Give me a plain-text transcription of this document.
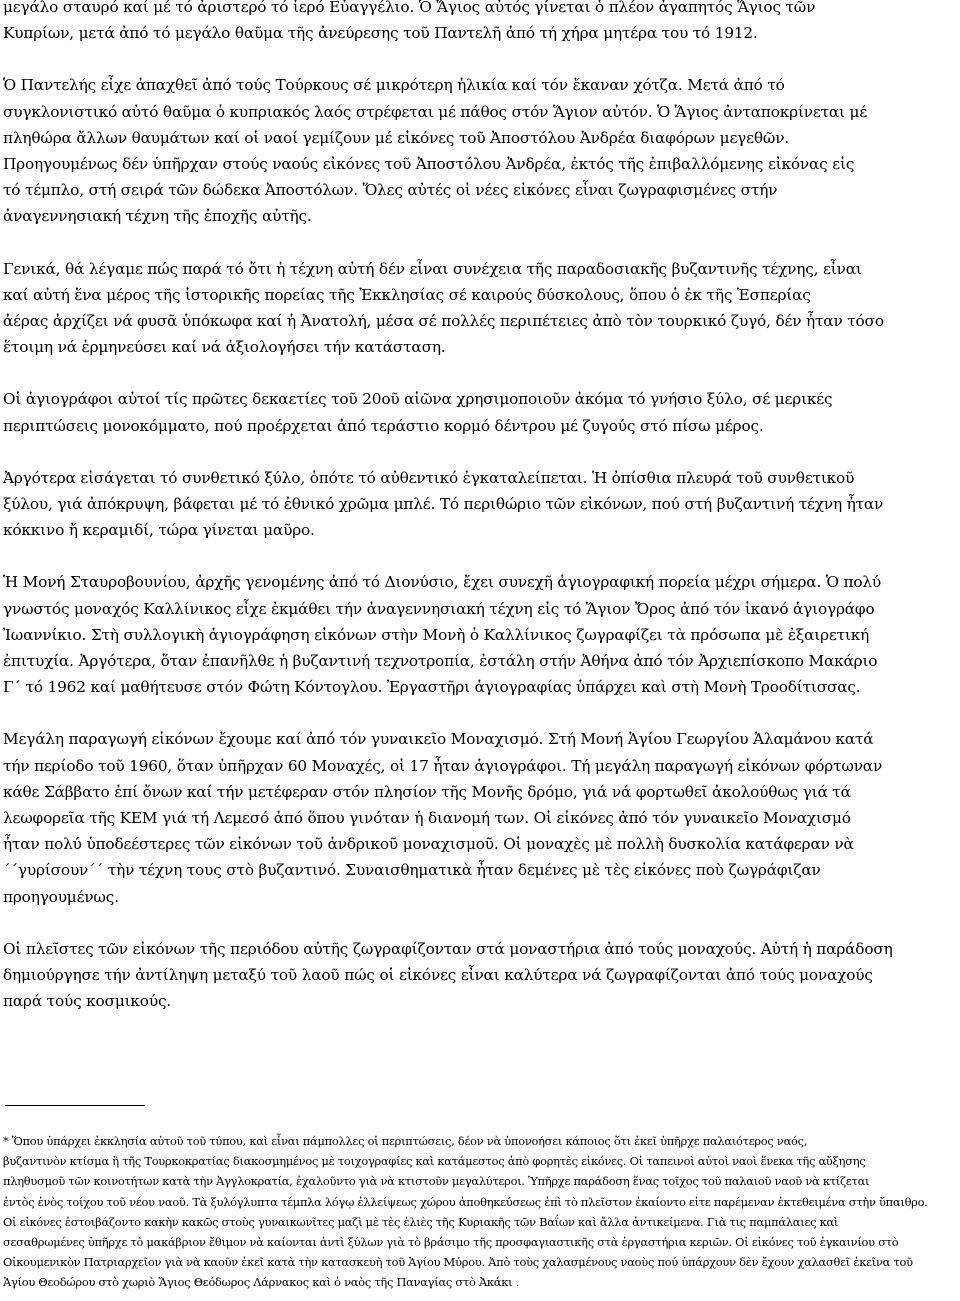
μεγάλο σταυρό καί μέ τό ἀριστερό τό ἱερό Εὐαγγέλιο. Ὁ Ἅγιος αὐτός γίνεται ὁ πλέον ἀγαπητός Ἅγιος τῶν
Κυπρίων, μετά ἀπό τό μεγάλο θαῦμα τῆς ἀνεύρεσης τοῦ Παντελῆ ἀπό τή χήρα μητέρα του τό 1912.

Ὁ Παντελής εἶχε ἀπαχθεῖ ἀπό τούς Τούρκους σέ μικρότερη ἡλικία καί τόν ἔκαναν χότζα. Μετά ἀπό τό
συγκλονιστικό αὐτό θαῦμα ὁ κυπριακός λαός στρέφεται μέ πάθος στόν Ἅγιον αὐτόν. Ὁ Ἅγιος ἀνταποκρίνεται μέ
πληθώρα ἄλλων θαυμάτων καί οἱ ναοί γεμίζουν μέ εἰκόνες τοῦ Ἀποστόλου Ἀνδρέα διαφόρων μεγεθῶν.
Προηγουμένως δέν ὑπῆρχαν στούς ναούς εἰκόνες τοῦ Ἀποστόλου Ἀνδρέα, ἐκτός τῆς ἐπιβαλλόμενης εἰκόνας εἰς
τό τέμπλο, στή σειρά τῶν δώδεκα Ἀποστόλων. Ὅλες αὐτές οἱ νέες εἰκόνες εἶναι ζωγραφισμένες στήν
ἀναγεννησιακή τέχνη τῆς ἐποχῆς αὐτῆς.

Γενικά, θά λέγαμε πώς παρά τό ὅτι ἡ τέχνη αὐτή δέν εἶναι συνέχεια τῆς παραδοσιακῆς βυζαντινῆς τέχνης, εἶναι
καί αὐτή ἕνα μέρος τῆς ἱστορικῆς πορείας τῆς Ἐκκλησίας σέ καιρούς δύσκολους, ὅπου ὁ ἐκ τῆς Ἑσπερίας
ἀέρας ἀρχίζει νά φυσᾶ ὑπόκωφα καί ἡ Ἀνατολή, μέσα σέ πολλές περιπέτειες ἀπὸ τὸν τουρκικό ζυγό, δέν ἦταν τόσο
ἕτοιμη νά ἑρμηνεύσει καί νά ἀξιολογήσει τήν κατάσταση.

Οἱ ἁγιογράφοι αὐτοί τίς πρῶτες δεκαετίες τοῦ 20οῦ αἰῶνα χρησιμοποιοῦν ἀκόμα τό γνήσιο ξύλο, σέ μερικές
περιπτώσεις μονοκόμματο, πού προέρχεται ἀπό τεράστιο κορμό δέντρου μέ ζυγούς στό πίσω μέρος.

Ἀργότερα εἰσάγεται τό συνθετικό ξύλο, ὁπότε τό αὐθεντικό ἐγκαταλείπεται. Ἡ ὀπίσθια πλευρά τοῦ συνθετικοῦ
ξύλου, γιά ἀπόκρυψη, βάφεται μέ τό ἐθνικό χρῶμα μπλέ. Τό περιθώριο τῶν εἰκόνων, πού στή βυζαντινή τέχνη ἦταν
κόκκινο ἤ κεραμιδί, τώρα γίνεται μαῦρο.

Ἡ Μονή Σταυροβουνίου, ἀρχῆς γενομένης ἀπό τό Διονύσιο, ἔχει συνεχῆ ἁγιογραφική πορεία μέχρι σήμερα. Ὁ πολύ
γνωστός μοναχός Καλλίνικος εἶχε ἐκμάθει τήν ἀναγεννησιακή τέχνη εἰς τό Ἅγιον Ὄρος ἀπό τόν ἱκανό ἁγιογράφο
Ἰωαννίκιο. Στὴ συλλογικὴ ἁγιογράφηση εἰκόνων στὴν Μονὴ ὁ Καλλίνικος ζωγραφίζει τὰ πρόσωπα μὲ ἐξαιρετική
ἐπιτυχία. Ἀργότερα, ὅταν ἐπανῆλθε ἡ βυζαντινή τεχνοτροπία, ἐστάλη στήν Ἀθήνα ἀπό τόν Ἀρχιεπίσκοπο Μακάριο
Γ΄ τό 1962 καί μαθήτευσε στόν Φώτη Κόντογλου. Ἐργαστῆρι ἁγιογραφίας ὑπάρχει καὶ στὴ Μονὴ Τροοδίτισσας.

Μεγάλη παραγωγή εἰκόνων ἔχουμε καί ἀπό τόν γυναικεῖο Μοναχισμό. Στή Μονή Ἁγίου Γεωργίου Ἀλαμάνου κατά
τήν περίοδο τοῦ 1960, ὅταν ὑπῆρχαν 60 Μοναχές, οἱ 17 ἦταν ἁγιογράφοι. Τή μεγάλη παραγωγή εἰκόνων φόρτωναν
κάθε Σάββατο ἐπί ὄνων καί τήν μετέφεραν στόν πλησίον τῆς Μονῆς δρόμο, γιά νά φορτωθεῖ ἀκολούθως γιά τά
λεωφορεῖα τῆς ΚΕΜ γιά τή Λεμεσό ἀπό ὅπου γινόταν ἡ διανομή των. Οἱ εἰκόνες ἀπό τόν γυναικεῖο Μοναχισμό
ἦταν πολύ ὑποδεέστερες τῶν εἰκόνων τοῦ ἀνδρικοῦ μοναχισμοῦ. Οἱ μοναχὲς μὲ πολλὴ δυσκολία κατάφεραν νὰ
΄΄γυρίσουν΄΄ τὴν τέχνη τους στὸ βυζαντινό. Συναισθηματικὰ ἦταν δεμένες μὲ τὲς εἰκόνες ποὺ ζωγράφιζαν
προηγουμένως.

Οἱ πλεῖστες τῶν εἰκόνων τῆς περιόδου αὐτῆς ζωγραφίζονταν στά μοναστήρια ἀπό τούς μοναχούς. Αὐτή ἡ παράδοση
δημιούργησε τήν ἀντίληψη μεταξύ τοῦ λαοῦ πώς οἱ εἰκόνες εἶναι καλύτερα νά ζωγραφίζονται ἀπό τούς μοναχούς
παρά τούς κοσμικούς.

* Ὅπου ὑπάρχει ἐκκλησία αὐτοῦ τοῦ τύπου, καὶ εἶναι πάμπολλες οἱ περιπτώσεις, δέον νὰ ὑπονοήσει κάποιος ὅτι ἐκεῖ ὑπῆρχε παλαιότερος ναός,
βυζαντινὸν κτίσμα ἢ τῆς Τουρκοκρατίας διακοσμημένος μὲ τοιχογραφίες καὶ κατάμεστος ἀπὸ φορητὲς εἰκόνες. Οἱ ταπεινοὶ αὐτοὶ ναοὶ ἕνεκα τῆς αὔξησης
πληθυσμοῦ τῶν κοινοτήτων κατὰ τὴν Ἀγγλοκρατία, ἐχαλοῦντο γιὰ νὰ κτιστοῦν μεγαλύτεροι. Ὑπῆρχε παράδοση ἕνας τοῖχος τοῦ παλαιοῦ ναοῦ νὰ κτίζεται
ἐντὸς ἑνὸς τοίχου τοῦ νέου ναοῦ. Τὰ ξυλόγλυπτα τέμπλα λόγῳ ἐλλείψεως χώρου ἀποθηκεύσεως ἐπὶ τὸ πλεῖστον ἐκαίοντο εἰτε παρέμεναν ἐκτεθειμένα στὴν ὕπαιθρο.
Οἱ εἰκόνες ἐστοιβάζοντο κακὴν κακῶς στοὺς γυναικωνῖτες μαζὶ μὲ τὲς ἐλιὲς τῆς Κυριακῆς τῶν Βαΐων καὶ ἄλλα ἀντικείμενα. Γιὰ τις παμπάλαιες καὶ
σεσαθρωμένες ὑπῆρχε τὸ μακάβριον ἔθιμον νὰ καίονται ἀντὶ ξύλων γιὰ τὸ βράσιμο τῆς προσφαγιαστικῆς στὰ ἐργαστήρια κεριῶν. Οἱ εἰκόνες τοῦ ἐγκαινίου στὸ
Οἰκουμενικὸν Πατριαρχεῖον γιὰ νὰ καοῦν ἐκεῖ κατὰ τὴν κατασκευὴ τοῦ Ἁγίου Μύρου. Ἀπὸ τοὺς χαλασμένους ναοὺς πού ὑπάρχουν δὲν ἔχουν χαλασθεῖ ἐκεῖνα τοῦ
Ἁγίου Θεοδώρου στὸ χωριὸ Ἅγιος Θεόδωρος Λάρνακος καὶ ὁ ναὸς τῆς Παναγίας στὸ Ἀκάκι .
